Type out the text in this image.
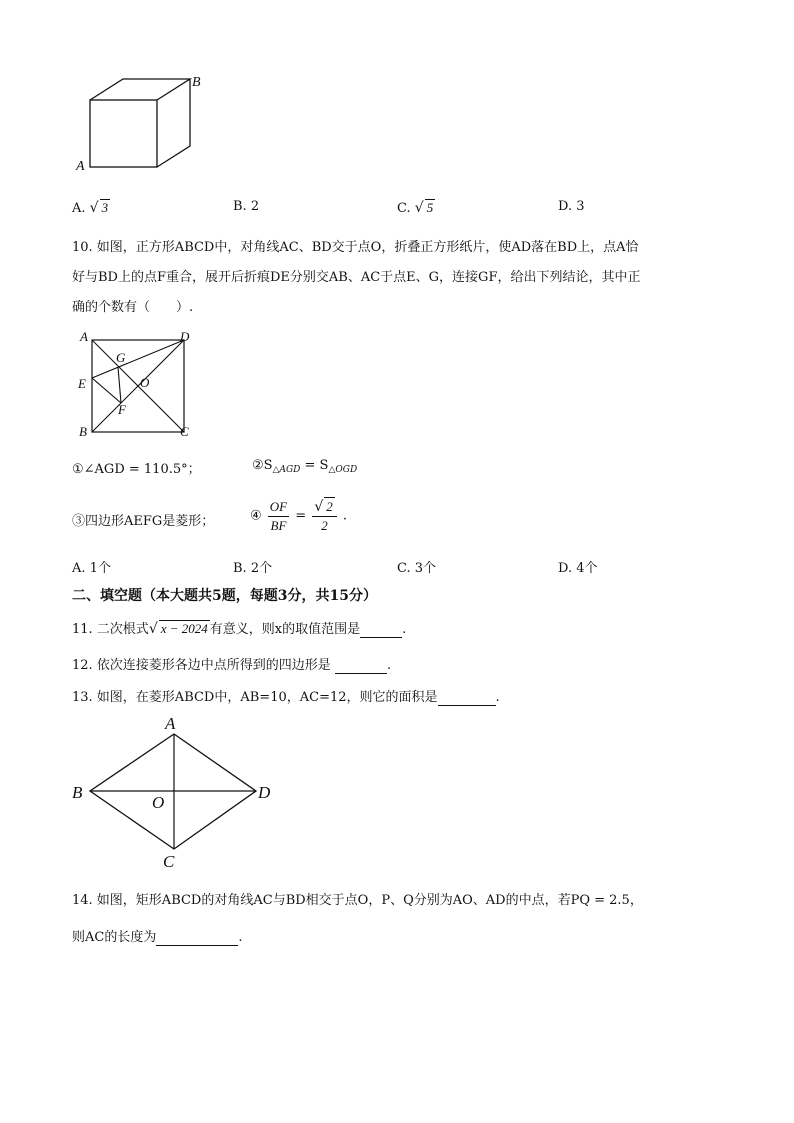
B
A
A. √ 3	B. 2	C. √ 5	D. 3
10. 如图，正方形ABCD中，对角线AC、BD交于点O，折叠正方形纸片，使AD落在BD上，点A恰
好与BD上的点F重合，展开后折痕DE分别交AB、AC于点E、G，连接GF，给出下列结论，其中正
确的个数有（　　）.
A	D
G
E	O
F
B	C
①∠AGD = 110.5°；	$②S_{\triangle AGD} = S_{\triangle OGD}$
③四边形AEFG是菱形；	④ $\frac{OF}{BF} = \frac{√ 2}{2}$ .
A. 1个	B. 2个	C. 3个	D. 4个
二、填空题（本大题共5题，每题3分，共15分）
11. 二次根式√ x − 2024 有意义，则x的取值范围是	.
12. 依次连接菱形各边中点所得到的四边形是	.
13. 如图，在菱形ABCD中，AB=10，AC=12，则它的面积是	.
A
B	D
O
C
14. 如图，矩形ABCD的对角线AC与BD相交于点O，P、Q分别为AO、AD的中点，若PQ = 2.5，
则AC的长度为	.
